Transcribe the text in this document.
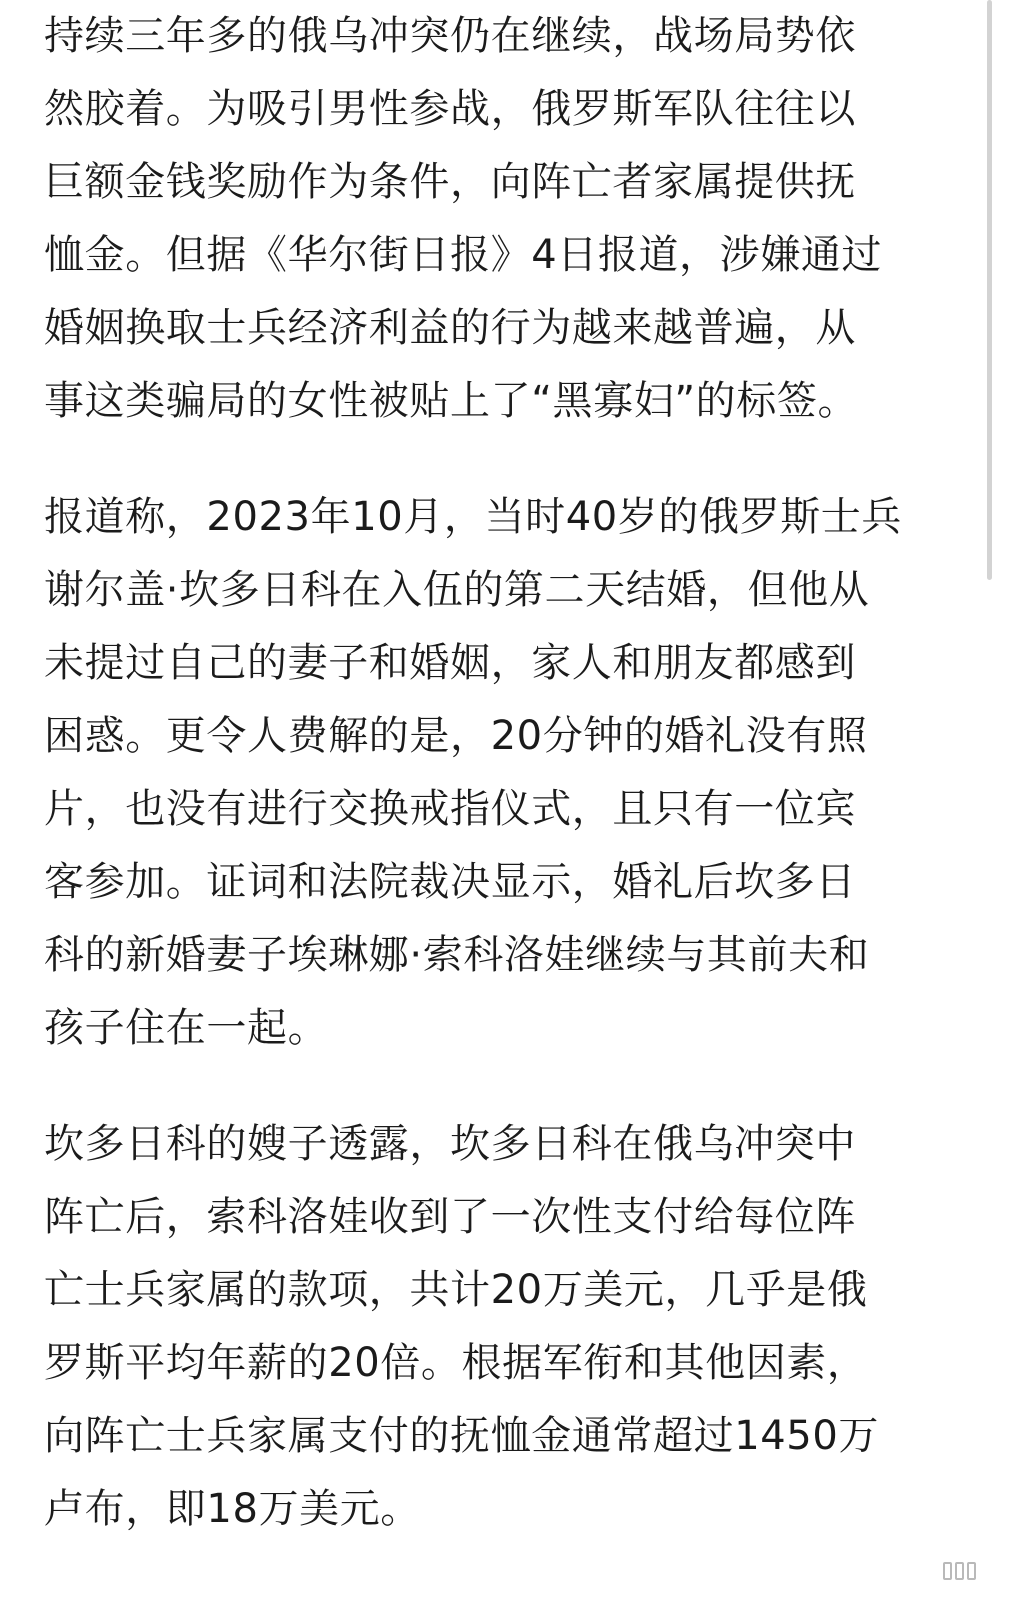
持续三年多的俄乌冲突仍在继续，战场局势依
然胶着。为吸引男性参战，俄罗斯军队往往以
巨额金钱奖励作为条件，向阵亡者家属提供抚
恤金。但据《华尔街日报》4日报道，涉嫌通过
婚姻换取士兵经济利益的行为越来越普遍，从
事这类骗局的女性被贴上了“黑寡妇”的标签。
报道称，2023年10月，当时40岁的俄罗斯士兵
谢尔盖·坎多日科在入伍的第二天结婚，但他从
未提过自己的妻子和婚姻，家人和朋友都感到
困惑。更令人费解的是，20分钟的婚礼没有照
片，也没有进行交换戒指仪式，且只有一位宾
客参加。证词和法院裁决显示，婚礼后坎多日
科的新婚妻子埃琳娜·索科洛娃继续与其前夫和
孩子住在一起。
坎多日科的嫂子透露，坎多日科在俄乌冲突中
阵亡后，索科洛娃收到了一次性支付给每位阵
亡士兵家属的款项，共计20万美元，几乎是俄
罗斯平均年薪的20倍。根据军衔和其他因素，
向阵亡士兵家属支付的抚恤金通常超过1450万
卢布，即18万美元。
